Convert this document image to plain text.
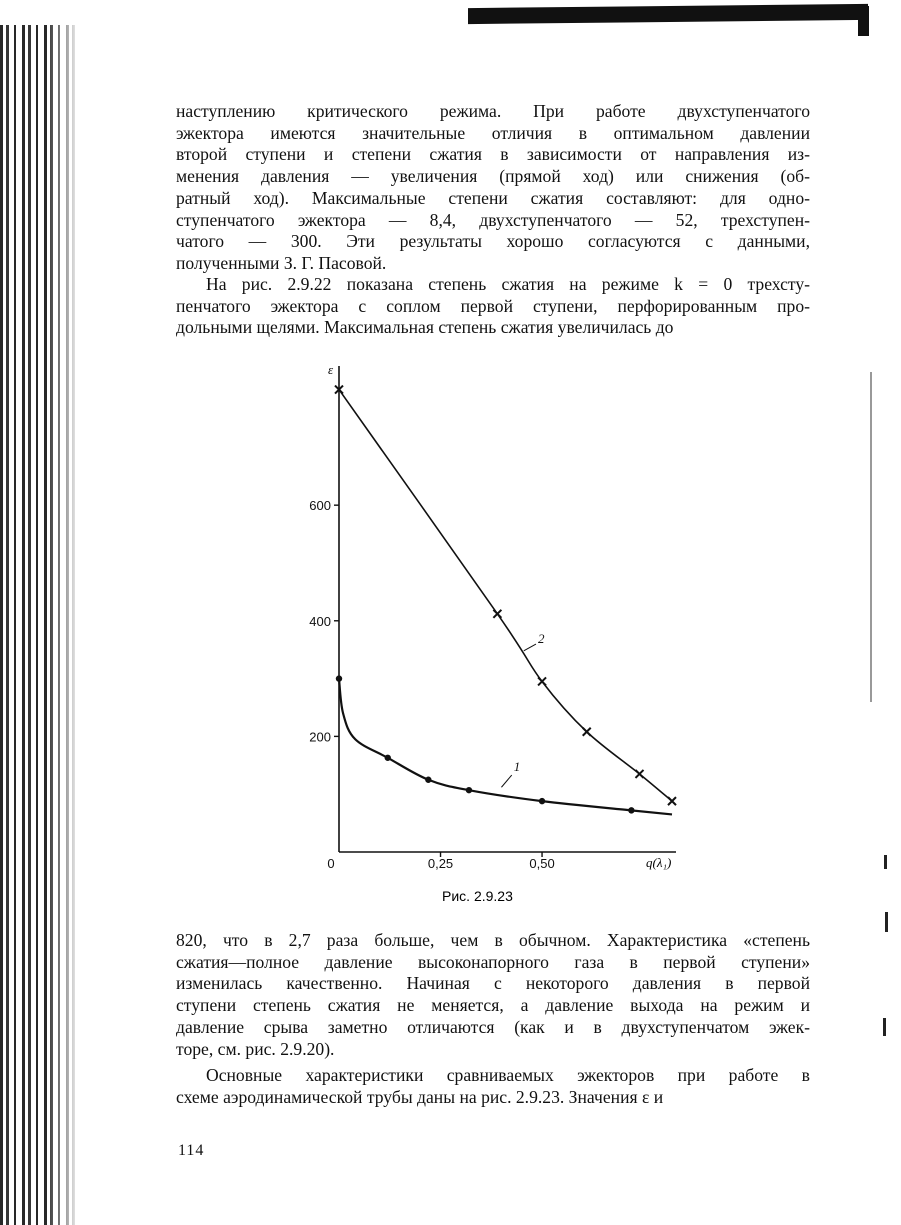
наступлению критического режима. При работе двухступенчатого
эжектора имеются значительные отличия в оптимальном давлении
второй ступени и степени сжатия в зависимости от направления из-
менения давления — увеличения (прямой ход) или снижения (об-
ратный ход). Максимальные степени сжатия составляют: для одно-
ступенчатого эжектора — 8,4, двухступенчатого — 52, трехступен-
чатого — 300. Эти результаты хорошо согласуются с данными,
полученными З. Г. Пасовой.
На рис. 2.9.22 показана степень сжатия на режиме k = 0 трехсту-
пенчатого эжектора с соплом первой ступени, перфорированным про-
дольными щелями. Максимальная степень сжатия увеличилась до
ε
q(λ₁)
Рис. 2.9.23
200
400
600
0	0,25	0,50
1
2
820, что в 2,7 раза больше, чем в обычном. Характеристика «степень
сжатия—полное давление высоконапорного газа в первой ступени»
изменилась качественно. Начиная с некоторого давления в первой
ступени степень сжатия не меняется, а давление выхода на режим и
давление срыва заметно отличаются (как и в двухступенчатом эжек-
торе, см. рис. 2.9.20).
Основные характеристики сравниваемых эжекторов при работе в
схеме аэродинамической трубы даны на рис. 2.9.23. Значения ε и
114
